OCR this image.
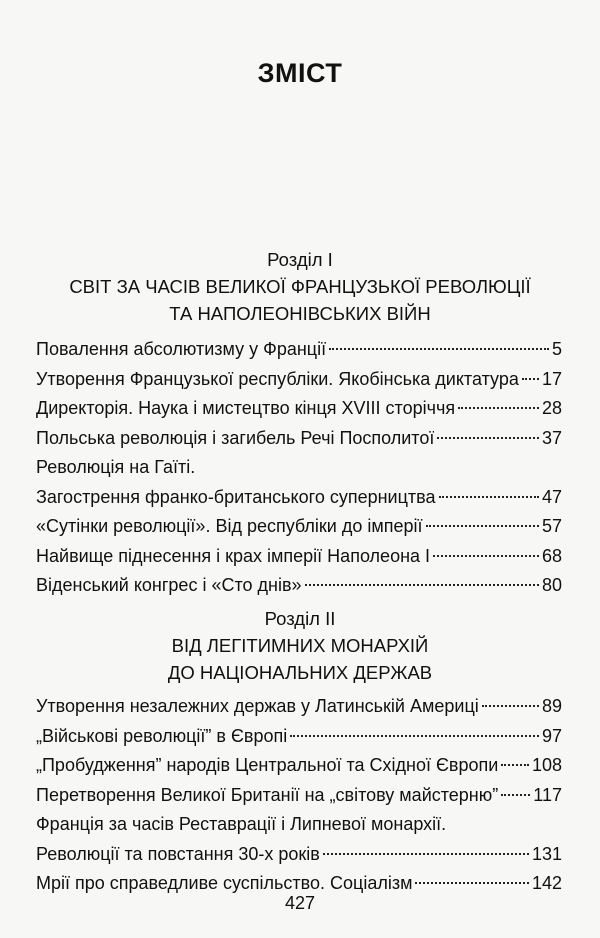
ЗМІСТ
Розділ І
СВІТ ЗА ЧАСІВ ВЕЛИКОЇ ФРАНЦУЗЬКОЇ РЕВОЛЮЦІЇ
ТА НАПОЛЕОНІВСЬКИХ ВІЙН
Повалення абсолютизму у Франції	5
Утворення Французької республіки. Якобінська диктатура 17
Директорія. Наука і мистецтво кінця XVIII сторіччя	28
Польська революція і загибель Речі Посполитої	37
Революція на Гаїті.
Загострення франко-британського суперництва	47
«Сутінки революції». Від республіки до імперії	57
Найвище піднесення і крах імперії Наполеона І	68
Віденський конгрес і «Сто днів»	80
Розділ ІІ
ВІД ЛЕГІТИМНИХ МОНАРХІЙ
ДО НАЦІОНАЛЬНИХ ДЕРЖАВ
Утворення незалежних держав у Латинській Америці	89
„Військові революції” в Європі	97
„Пробудження” народів Центральної та Східної Європи 108
Перетворення Великої Британії на „світову майстерню” 117
Франція за часів Реставрації і Липневої монархії.
Революції та повстання 30-х років	131
Мрії про справедливе суспільство. Соціалізм	142
427
